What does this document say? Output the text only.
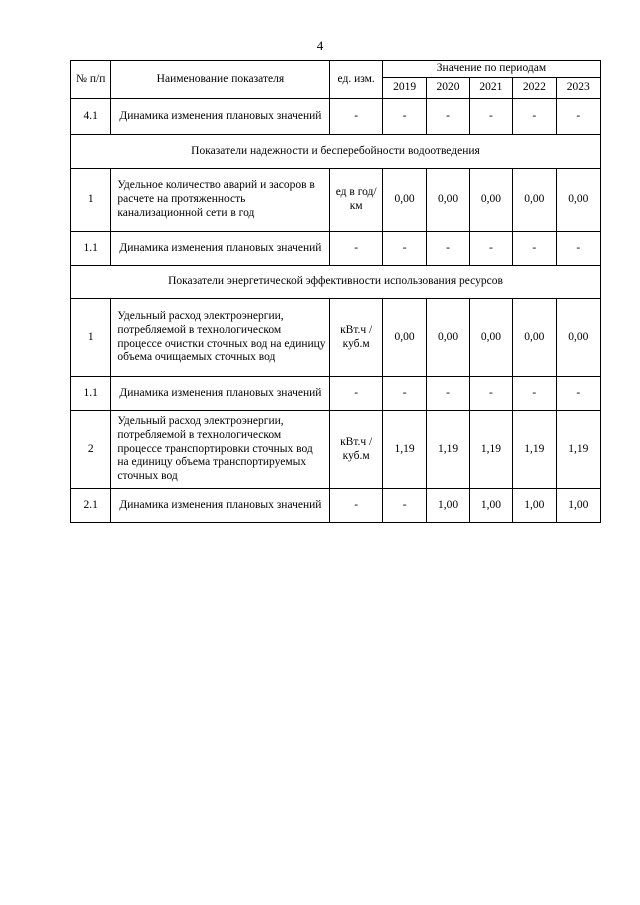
4
№ п/п	Наименование показателя	ед. изм.	Значение по периодам				
			2019	2020	2021	2022	2023
4.1	Динамика изменения плановых значений	-	-	-	-	-	-
Показатели надежности и бесперебойности водоотведения							
1	Удельное количество аварий и засоров в расчете на протяженность канализационной сети в год	ед в год/ км	0,00	0,00	0,00	0,00	0,00
1.1	Динамика изменения плановых значений	-	-	-	-	-	-
Показатели энергетической эффективности использования ресурсов							
1	Удельный расход электроэнергии, потребляемой в технологическом процессе очистки сточных вод на единицу объема очищаемых сточных вод	кВт.ч / куб.м	0,00	0,00	0,00	0,00	0,00
1.1	Динамика изменения плановых значений	-	-	-	-	-	-
2	Удельный расход электроэнергии, потребляемой в технологическом процессе транспортировки сточных вод на единицу объема транспортируемых сточных вод	кВт.ч / куб.м	1,19	1,19	1,19	1,19	1,19
2.1	Динамика изменения плановых значений	-	-	1,00	1,00	1,00	1,00
